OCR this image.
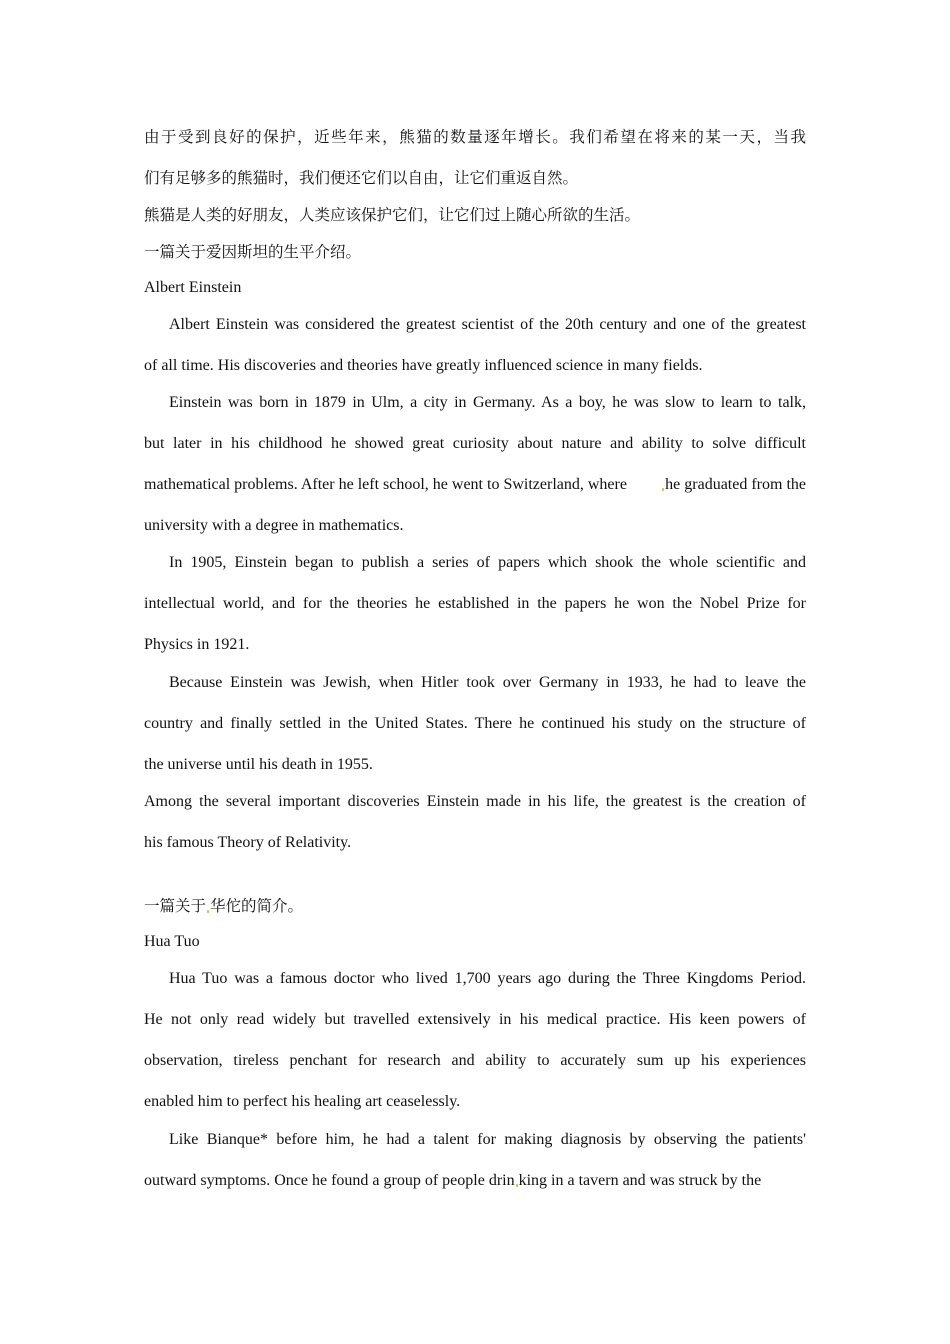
由于受到良好的保护，近些年来，熊猫的数量逐年增长。我们希望在将来的某一天，当我
们有足够多的熊猫时，我们便还它们以自由，让它们重返自然。
熊猫是人类的好朋友，人类应该保护它们，让它们过上随心所欲的生活。
一篇关于爱因斯坦的生平介绍。
Albert Einstein
Albert Einstein was considered the greatest scientist of the 20th century and one of the greatest
of all time. His discoveries and theories have greatly influenced science in many fields.
Einstein was born in 1879 in Ulm, a city in Germany. As a boy, he was slow to learn to talk,
but later in his childhood he showed great curiosity about nature and ability to solve difficult
mathematical problems. After he left school, he went to Switzerland, where he graduated from the
university with a degree in mathematics.
In 1905, Einstein began to publish a series of papers which shook the whole scientific and
intellectual world, and for the theories he established in the papers he won the Nobel Prize for
Physics in 1921.
Because Einstein was Jewish, when Hitler took over Germany in 1933, he had to leave the
country and finally settled in the United States. There he continued his study on the structure of
the universe until his death in 1955.
Among the several important discoveries Einstein made in his life, the greatest is the creation of
his famous Theory of Relativity.
一篇关于 华佗的简介。
Hua Tuo
Hua Tuo was a famous doctor who lived 1,700 years ago during the Three Kingdoms Period.
He not only read widely but travelled extensively in his medical practice. His keen powers of
observation, tireless penchant for research and ability to accurately sum up his experiences
enabled him to perfect his healing art ceaselessly.
Like Bianque* before him, he had a talent for making diagnosis by observing the patients'
outward symptoms. Once he found a group of people drin king in a tavern and was struck by the
